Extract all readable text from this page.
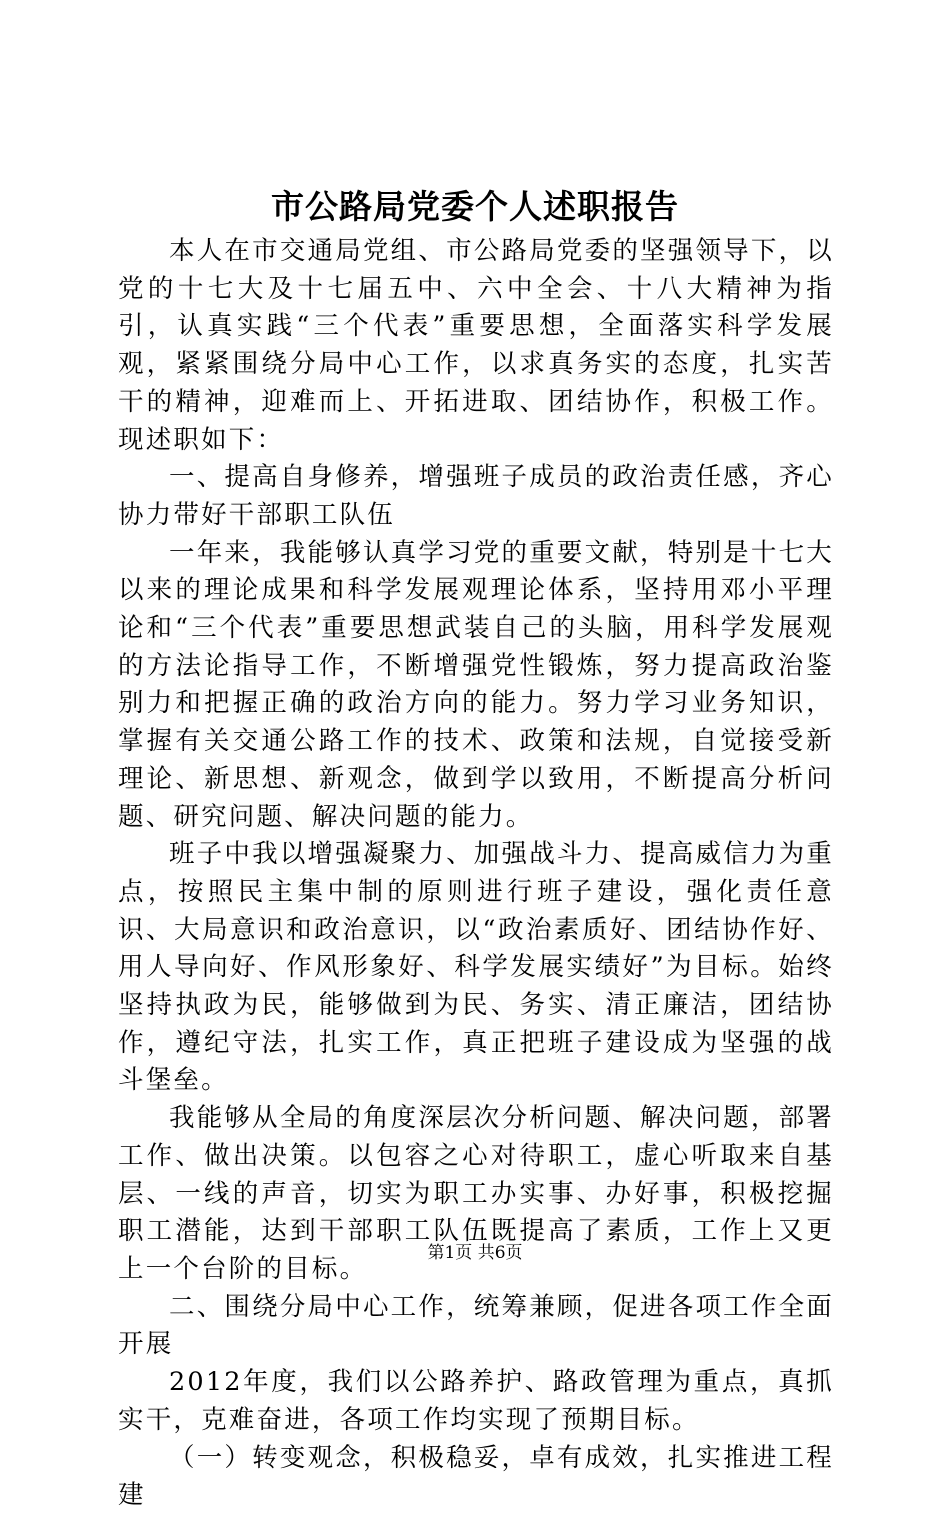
市公路局党委个人述职报告

本人在市交通局党组、市公路局党委的坚强领导下，以党的十七大及十七届五中、六中全会、十八大精神为指引，认真实践“三个代表”重要思想，全面落实科学发展观，紧紧围绕分局中心工作，以求真务实的态度，扎实苦干的精神，迎难而上、开拓进取、团结协作，积极工作。现述职如下：

一、提高自身修养，增强班子成员的政治责任感，齐心协力带好干部职工队伍

一年来，我能够认真学习党的重要文献，特别是十七大以来的理论成果和科学发展观理论体系，坚持用邓小平理论和“三个代表”重要思想武装自己的头脑，用科学发展观的方法论指导工作，不断增强党性锻炼，努力提高政治鉴别力和把握正确的政治方向的能力。努力学习业务知识，掌握有关交通公路工作的技术、政策和法规，自觉接受新理论、新思想、新观念，做到学以致用，不断提高分析问题、研究问题、解决问题的能力。

班子中我以增强凝聚力、加强战斗力、提高威信力为重点，按照民主集中制的原则进行班子建设，强化责任意识、大局意识和政治意识，以“政治素质好、团结协作好、用人导向好、作风形象好、科学发展实绩好”为目标。始终坚持执政为民，能够做到为民、务实、清正廉洁，团结协作，遵纪守法，扎实工作，真正把班子建设成为坚强的战斗堡垒。

我能够从全局的角度深层次分析问题、解决问题，部署工作、做出决策。以包容之心对待职工，虚心听取来自基层、一线的声音，切实为职工办实事、办好事，积极挖掘职工潜能，达到干部职工队伍既提高了素质，工作上又更上一个台阶的目标。

二、围绕分局中心工作，统筹兼顾，促进各项工作全面开展

2012年度，我们以公路养护、路政管理为重点，真抓实干，克难奋进，各项工作均实现了预期目标。

（一）转变观念，积极稳妥，卓有成效，扎实推进工程建

第1页 共6页
